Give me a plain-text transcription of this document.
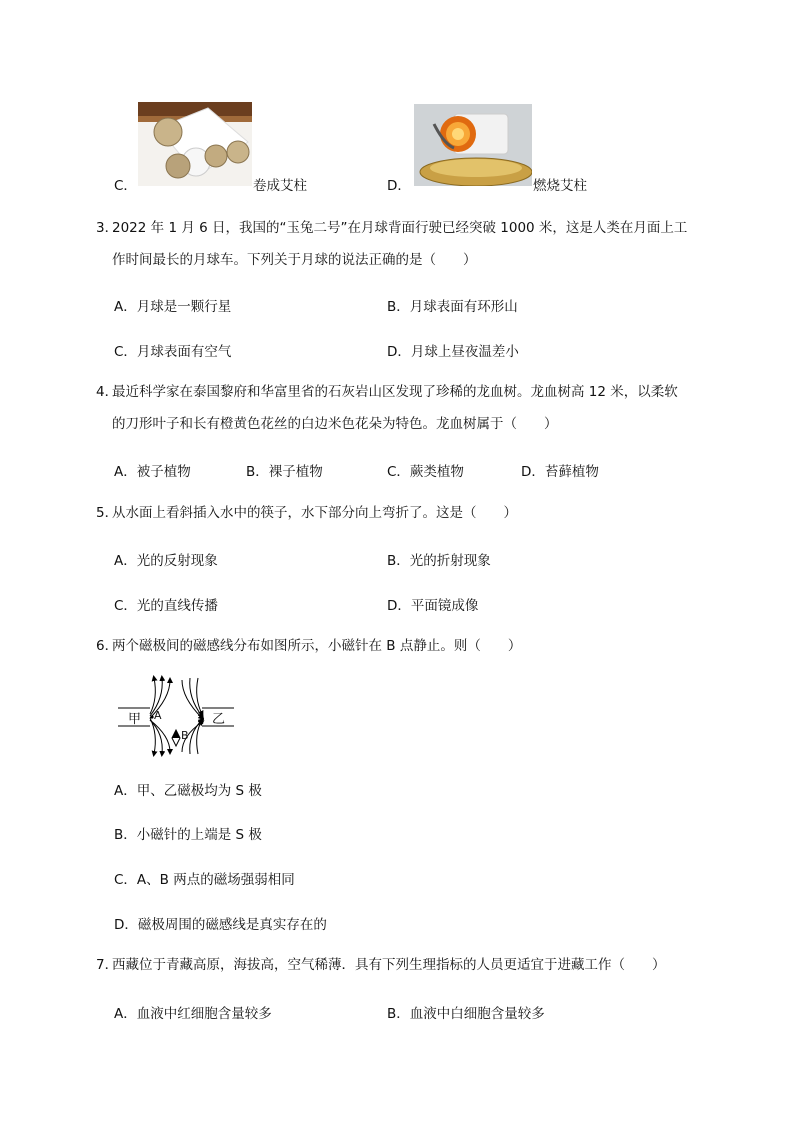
C．	卷成艾柱	D．	燃烧艾柱
3．2022 年 1 月 6 日，我国的“玉兔二号”在月球背面行驶已经突破 1000 米，这是人类在月面上工
作时间最长的月球车。下列关于月球的说法正确的是（　　）
A．月球是一颗行星	B．月球表面有环形山
C．月球表面有空气	D．月球上昼夜温差小
4．最近科学家在泰国黎府和华富里省的石灰岩山区发现了珍稀的龙血树。龙血树高 12 米，以柔软
的刀形叶子和长有橙黄色花丝的白边米色花朵为特色。龙血树属于（　　）
A．被子植物	B．裸子植物	C．蕨类植物	D．苔藓植物
5．从水面上看斜插入水中的筷子，水下部分向上弯折了。这是（　　）
A．光的反射现象	B．光的折射现象
C．光的直线传播	D．平面镜成像
6．两个磁极间的磁感线分布如图所示，小磁针在 B 点静止。则（　　）
甲	乙
A
B
A．甲、乙磁极均为 S 极
B．小磁针的上端是 S 极
C．A、B 两点的磁场强弱相同
D．磁极周围的磁感线是真实存在的
7．西藏位于青藏高原，海拔高，空气稀薄．具有下列生理指标的人员更适宜于进藏工作（　　）
A．血液中红细胞含量较多	B．血液中白细胞含量较多
